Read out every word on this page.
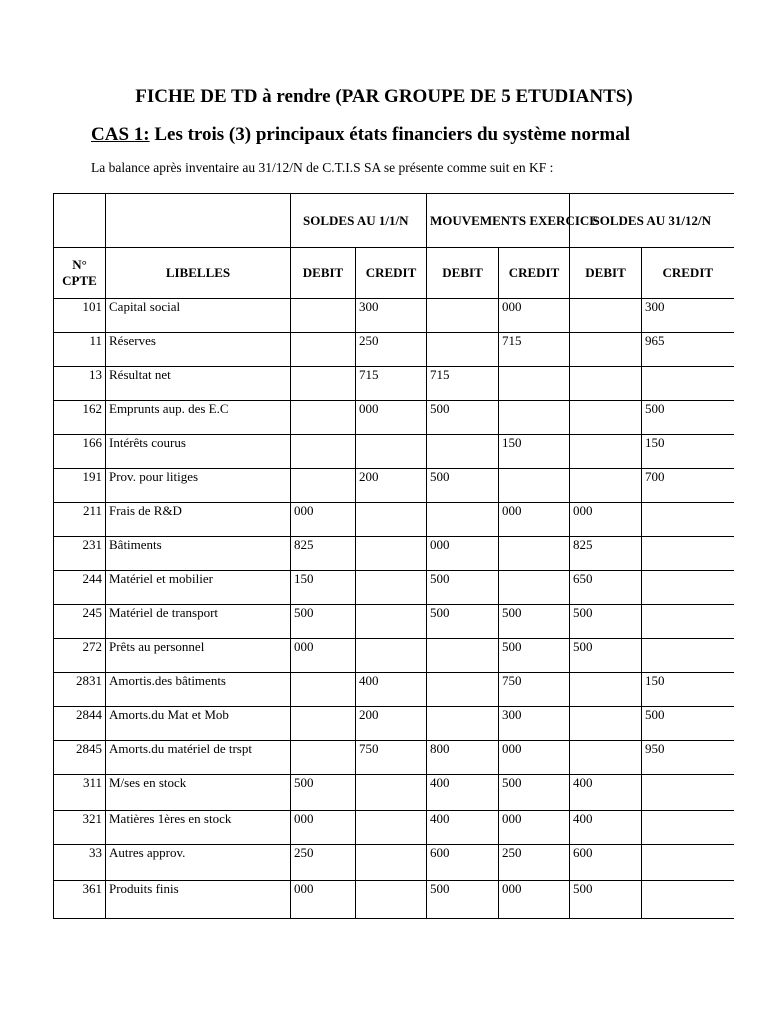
FICHE DE TD à rendre (PAR GROUPE DE 5 ETUDIANTS)
CAS 1: Les trois (3) principaux états financiers du système normal
La balance après inventaire au 31/12/N de C.T.I.S SA se présente comme suit en KF :
		SOLDES AU 1/1/N		MOUVEMENTS EXERCICE		SOLDES AU 31/12/N	
N° CPTE	LIBELLES	DEBIT	CREDIT	DEBIT	CREDIT	DEBIT	CREDIT
101	Capital social		300		000		300
11	Réserves		250		715		965
13	Résultat net		715	715			
162	Emprunts aup. des E.C		000	500			500
166	Intérêts courus				150		150
191	Prov. pour litiges		200	500			700
211	Frais de R&D	000			000	000	
231	Bâtiments	825		000		825	
244	Matériel et mobilier	150		500		650	
245	Matériel de transport	500		500	500	500	
272	Prêts au personnel	000			500	500	
2831	Amortis.des bâtiments		400		750		150
2844	Amorts.du Mat et Mob		200		300		500
2845	Amorts.du matériel de trspt		750	800	000		950
311	M/ses en stock	500		400	500	400	
321	Matières 1ères en stock	000		400	000	400	
33	Autres approv.	250		600	250	600	
361	Produits finis	000		500	000	500	
